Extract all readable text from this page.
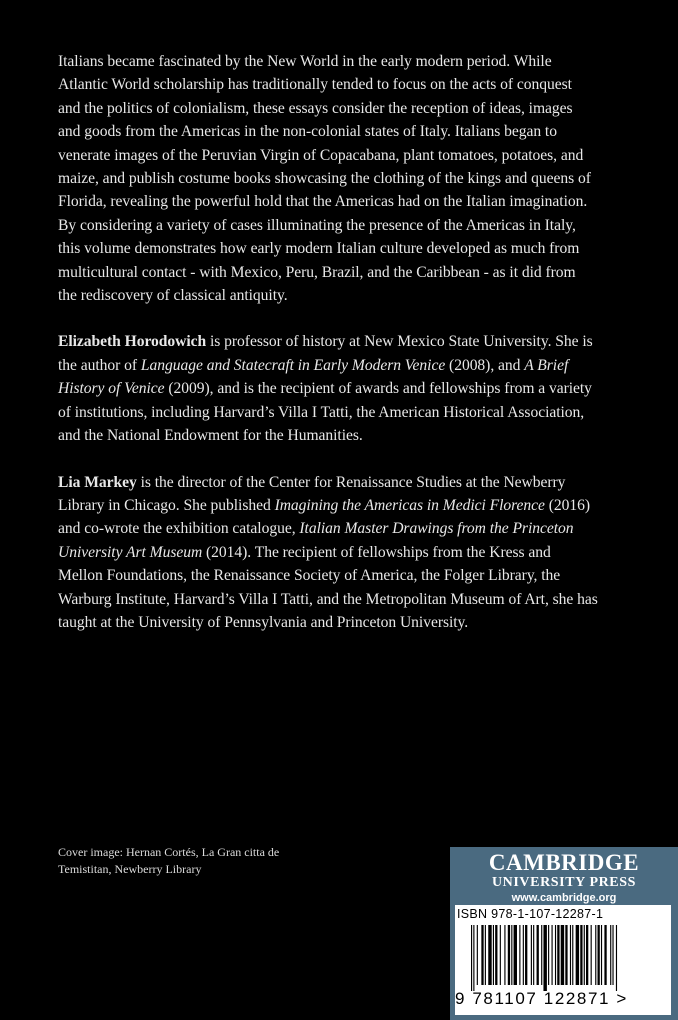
Italians became fascinated by the New World in the early modern period. While Atlantic World scholarship has traditionally tended to focus on the acts of conquest and the politics of colonialism, these essays consider the reception of ideas, images and goods from the Americas in the non-colonial states of Italy. Italians began to venerate images of the Peruvian Virgin of Copacabana, plant tomatoes, potatoes, and maize, and publish costume books showcasing the clothing of the kings and queens of Florida, revealing the powerful hold that the Americas had on the Italian imagination. By considering a variety of cases illuminating the presence of the Americas in Italy, this volume demonstrates how early modern Italian culture developed as much from multicultural contact - with Mexico, Peru, Brazil, and the Caribbean - as it did from the rediscovery of classical antiquity.

Elizabeth Horodowich is professor of history at New Mexico State University. She is the author of Language and Statecraft in Early Modern Venice (2008), and A Brief History of Venice (2009), and is the recipient of awards and fellowships from a variety of institutions, including Harvard’s Villa I Tatti, the American Historical Association, and the National Endowment for the Humanities.

Lia Markey is the director of the Center for Renaissance Studies at the Newberry Library in Chicago. She published Imagining the Americas in Medici Florence (2016) and co-wrote the exhibition catalogue, Italian Master Drawings from the Princeton University Art Museum (2014). The recipient of fellowships from the Kress and Mellon Foundations, the Renaissance Society of America, the Folger Library, the Warburg Institute, Harvard’s Villa I Tatti, and the Metropolitan Museum of Art, she has taught at the University of Pennsylvania and Princeton University.

Cover image: Hernan Cortés, La Gran citta de
Temistitan, Newberry Library	CAMBRIDGE
UNIVERSITY PRESS
www.cambridge.org
ISBN 978-1-107-12287-1
9 781107 122871 >
